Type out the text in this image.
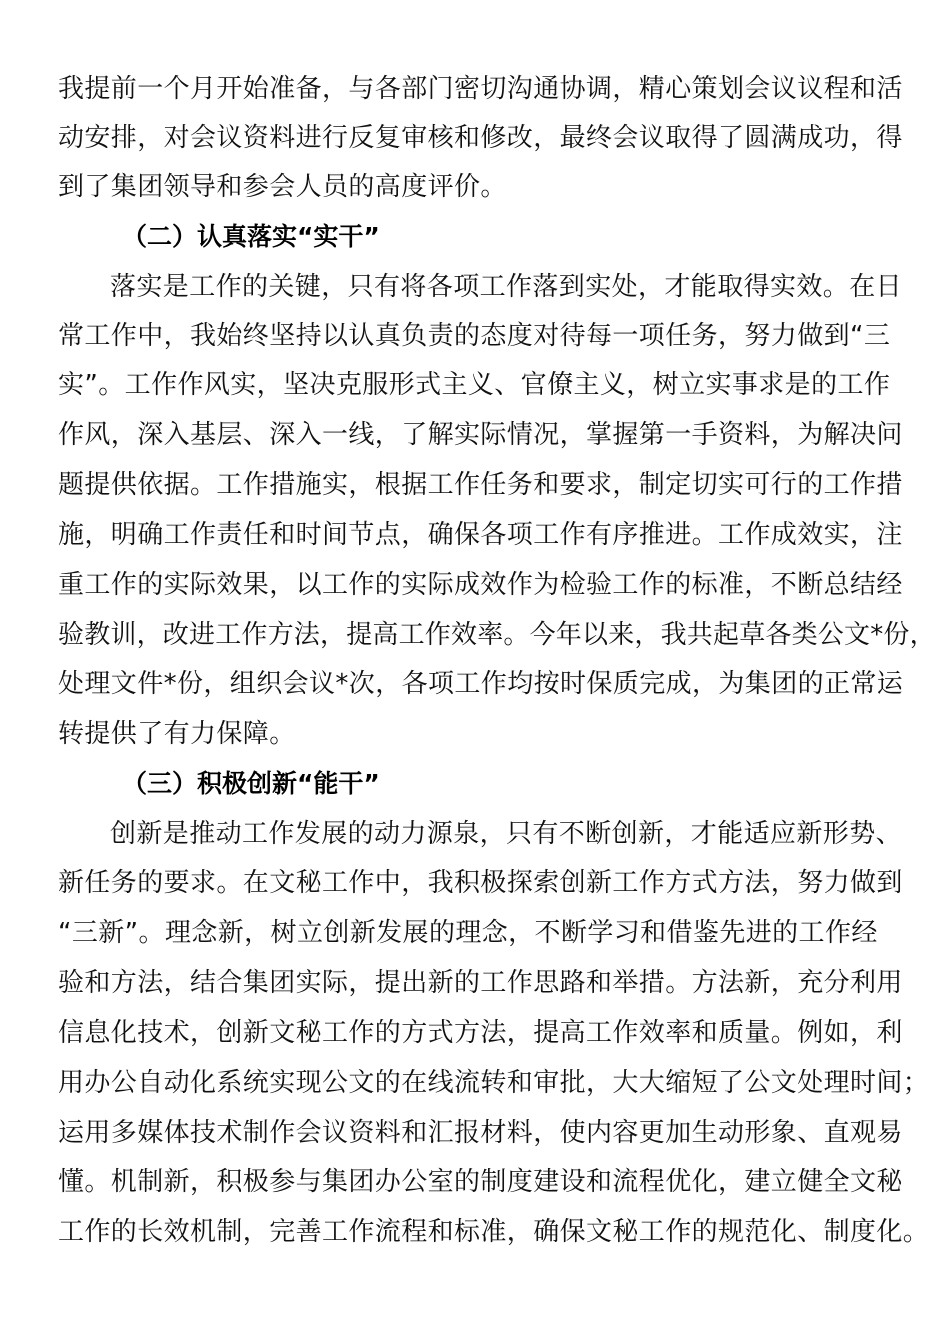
我提前一个月开始准备，与各部门密切沟通协调，精心策划会议议程和活
动安排，对会议资料进行反复审核和修改，最终会议取得了圆满成功，得
到了集团领导和参会人员的高度评价。
（二）认真落实“实干”
落实是工作的关键，只有将各项工作落到实处，才能取得实效。在日
常工作中，我始终坚持以认真负责的态度对待每一项任务，努力做到“三
实”。工作作风实，坚决克服形式主义、官僚主义，树立实事求是的工作
作风，深入基层、深入一线，了解实际情况，掌握第一手资料，为解决问
题提供依据。工作措施实，根据工作任务和要求，制定切实可行的工作措
施，明确工作责任和时间节点，确保各项工作有序推进。工作成效实，注
重工作的实际效果，以工作的实际成效作为检验工作的标准，不断总结经
验教训，改进工作方法，提高工作效率。今年以来，我共起草各类公文*份，
处理文件*份，组织会议*次，各项工作均按时保质完成，为集团的正常运
转提供了有力保障。
（三）积极创新“能干”
创新是推动工作发展的动力源泉，只有不断创新，才能适应新形势、
新任务的要求。在文秘工作中，我积极探索创新工作方式方法，努力做到
“三新”。理念新，树立创新发展的理念，不断学习和借鉴先进的工作经
验和方法，结合集团实际，提出新的工作思路和举措。方法新，充分利用
信息化技术，创新文秘工作的方式方法，提高工作效率和质量。例如，利
用办公自动化系统实现公文的在线流转和审批，大大缩短了公文处理时间；
运用多媒体技术制作会议资料和汇报材料，使内容更加生动形象、直观易
懂。机制新，积极参与集团办公室的制度建设和流程优化，建立健全文秘
工作的长效机制，完善工作流程和标准，确保文秘工作的规范化、制度化。
